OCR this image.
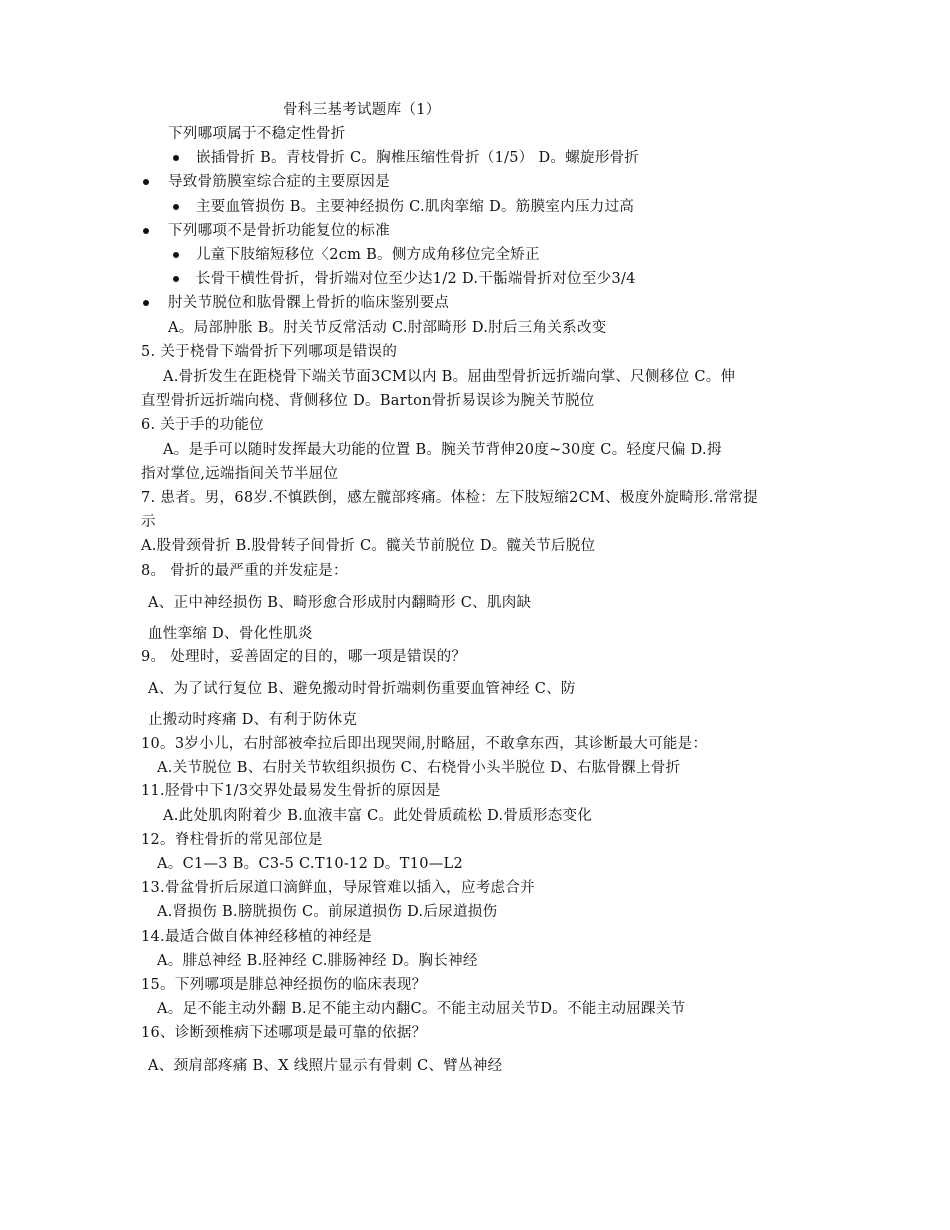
骨科三基考试题库（1）
下列哪项属于不稳定性骨折
嵌插骨折 B。青枝骨折 C。胸椎压缩性骨折（1/5） D。螺旋形骨折
导致骨筋膜室综合症的主要原因是
主要血管损伤 B。主要神经损伤 C.肌肉挛缩 D。筋膜室内压力过高
下列哪项不是骨折功能复位的标准
儿童下肢缩短移位〈2cm B。侧方成角移位完全矫正
长骨干横性骨折，骨折端对位至少达1/2 D.干骺端骨折对位至少3/4
肘关节脱位和肱骨髁上骨折的临床鉴别要点
A。局部肿胀 B。肘关节反常活动 C.肘部畸形 D.肘后三角关系改变
5. 关于桡骨下端骨折下列哪项是错误的
A.骨折发生在距桡骨下端关节面3CM以内 B。屈曲型骨折远折端向掌、尺侧移位 C。伸
直型骨折远折端向桡、背侧移位 D。Barton骨折易误诊为腕关节脱位
6. 关于手的功能位
A。是手可以随时发挥最大功能的位置 B。腕关节背伸20度~30度 C。轻度尺偏 D.拇
指对掌位,远端指间关节半屈位
7. 患者。男，68岁.不慎跌倒，感左髋部疼痛。体检：左下肢短缩2CM、极度外旋畸形.常常提
示
A.股骨颈骨折 B.股骨转子间骨折 C。髋关节前脱位 D。髋关节后脱位
8。 骨折的最严重的并发症是：
A、正中神经损伤 B、畸形愈合形成肘内翻畸形 C、肌肉缺
血性挛缩 D、骨化性肌炎
9。 处理时，妥善固定的目的，哪一项是错误的？
A、为了试行复位 B、避免搬动时骨折端刺伤重要血管神经 C、防
止搬动时疼痛 D、有利于防休克
10。3岁小儿，右肘部被牵拉后即出现哭闹,肘略屈，不敢拿东西，其诊断最大可能是：
A.关节脱位 B、右肘关节软组织损伤 C、右桡骨小头半脱位 D、右肱骨髁上骨折
11.胫骨中下1/3交界处最易发生骨折的原因是
A.此处肌肉附着少 B.血液丰富 C。此处骨质疏松 D.骨质形态变化
12。脊柱骨折的常见部位是
A。C1—3 B。C3-5 C.T10-12 D。T10—L2
13.骨盆骨折后尿道口滴鲜血，导尿管难以插入，应考虑合并
A.肾损伤 B.膀胱损伤 C。前尿道损伤 D.后尿道损伤
14.最适合做自体神经移植的神经是
A。腓总神经 B.胫神经 C.腓肠神经 D。胸长神经
15。下列哪项是腓总神经损伤的临床表现？
A。足不能主动外翻 B.足不能主动内翻C。不能主动屈关节D。不能主动屈踝关节
16、诊断颈椎病下述哪项是最可靠的依据？
A、颈肩部疼痛 B、X 线照片显示有骨刺 C、臂丛神经
